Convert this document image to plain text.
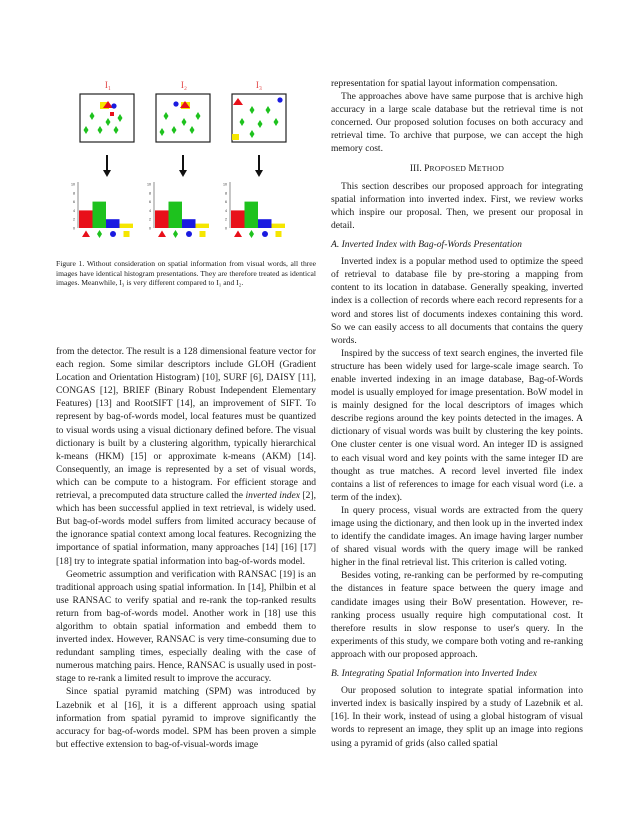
I₁	I₂	I₃
10
8
6
4
2
0
10
8
6
4
2
0
10
8
6
4
2
0
Figure 1. Without consideration on spatial information from visual words, all three images have identical histogram presentations. They are therefore treated as identical images. Meanwhile, I₃ is very different compared to I₁ and I₂.

from the detector. The result is a 128 dimensional feature vector for each region. Some similar descriptors include GLOH (Gradient Location and Orientation Histogram) [10], SURF [6], DAISY [11], CONGAS [12], BRIEF (Binary Robust Independent Elementary Features) [13] and RootSIFT [14], an improvement of SIFT. To represent by bag-of-words model, local features must be quantized to visual words using a visual dictionary defined before. The visual dictionary is built by a clustering algorithm, typically hierarchical k-means (HKM) [15] or approximate k-means (AKM) [14]. Consequently, an image is represented by a set of visual words, which can be compute to a histogram. For efficient storage and retrieval, a precomputed data structure called the inverted index [2], which has been successful applied in text retrieval, is widely used. But bag-of-words model suffers from limited accuracy because of the ignorance spatial context among local features. Recognizing the importance of spatial information, many approaches [14] [16] [17] [18] try to integrate spatial information into bag-of-words model.

Geometric assumption and verification with RANSAC [19] is an traditional approach using spatial information. In [14], Philbin et al use RANSAC to verify spatial and re-rank the top-ranked results return from bag-of-words model. Another work in [18] use this algorithm to obtain spatial information and embedd them to inverted index. However, RANSAC is very time-consuming due to redundant sampling times, especially dealing with the case of numerous matching pairs. Hence, RANSAC is usually used in post-stage to re-rank a limited result to improve the accuracy.

Since spatial pyramid matching (SPM) was introduced by Lazebnik et al [16], it is a different approach using spatial information from spatial pyramid to improve significantly the accuracy for bag-of-words model. SPM has been proven a simple but effective extension to bag-of-visual-words image

representation for spatial layout information compensation.

The approaches above have same purpose that is archive high accuracy in a large scale database but the retrieval time is not concerned. Our proposed solution focuses on both accuracy and retrieval time. To archive that purpose, we can accept the high memory cost.

III. PROPOSED METHOD

This section describes our proposed approach for integrating spatial information into inverted index. First, we review works which inspire our proposal. Then, we present our proposal in detail.

A. Inverted Index with Bag-of-Words Presentation

Inverted index is a popular method used to optimize the speed of retrieval to database file by pre-storing a mapping from content to its location in database. Generally speaking, inverted index is a collection of records where each record represents for a word and stores list of documents indexes containing this word. So we can easily access to all documents that contains the query words.

Inspired by the success of text search engines, the inverted file structure has been widely used for large-scale image search. To enable inverted indexing in an image database, Bag-of-Words model is usually employed for image presentation. BoW model in is mainly designed for the local descriptors of images which describe regions around the key points detected in the images. A dictionary of visual words was built by clustering the key points. One cluster center is one visual word. An integer ID is assigned to each visual word and key points with the same integer ID are thought as true matches. A record level inverted file index contains a list of references to image for each visual word (i.e. a term of the index).

In query process, visual words are extracted from the query image using the dictionary, and then look up in the inverted index to identify the candidate images. An image having larger number of shared visual words with the query image will be ranked higher in the final retrieval list. This criterion is called voting.

Besides voting, re-ranking can be performed by re-computing the distances in feature space between the query image and candidate images using their BoW presentation. However, re-ranking process usually require high computational cost. It therefore results in slow response to user's query. In the experiments of this study, we compare both voting and re-ranking approach with our proposed approach.

B. Integrating Spatial Information into Inverted Index

Our proposed solution to integrate spatial information into inverted index is basically inspired by a study of Lazebnik et al. [16]. In their work, instead of using a global histogram of visual words to represent an image, they split up an image into regions using a pyramid of grids (also called spatial
